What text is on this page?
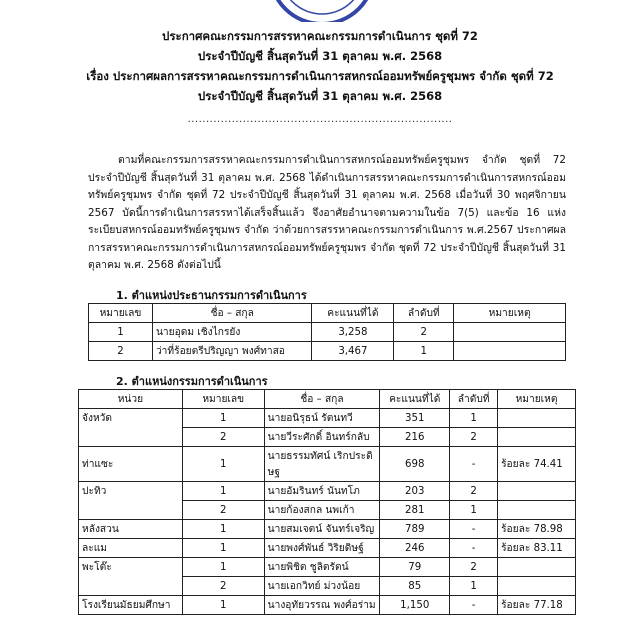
ประกาศคณะกรรมการสรรหาคณะกรรมการดำเนินการ ชุดที่ 72
ประจำปีบัญชี สิ้นสุดวันที่ 31 ตุลาคม พ.ศ. 2568
เรื่อง ประกาศผลการสรรหาคณะกรรมการดำเนินการสหกรณ์ออมทรัพย์ครูชุมพร จำกัด ชุดที่ 72
ประจำปีบัญชี สิ้นสุดวันที่ 31 ตุลาคม พ.ศ. 2568
........................................................................
ตามที่คณะกรรมการสรรหาคณะกรรมการดำเนินการสหกรณ์ออมทรัพย์ครูชุมพร จำกัด ชุดที่ 72 ประจำปีบัญชี สิ้นสุดวันที่ 31 ตุลาคม พ.ศ. 2568 ได้ดำเนินการสรรหาคณะกรรมการดำเนินการสหกรณ์ออมทรัพย์ครูชุมพร จำกัด ชุดที่ 72 ประจำปีบัญชี สิ้นสุดวันที่ 31 ตุลาคม พ.ศ. 2568 เมื่อวันที่ 30 พฤศจิกายน 2567 บัดนี้การดำเนินการสรรหาได้เสร็จสิ้นแล้ว จึงอาศัยอำนาจตามความในข้อ 7(5) และข้อ 16 แห่งระเบียบสหกรณ์ออมทรัพย์ครูชุมพร จำกัด ว่าด้วยการสรรหาคณะกรรมการดำเนินการ พ.ศ.2567 ประกาศผลการสรรหาคณะกรรมการดำเนินการสหกรณ์ออมทรัพย์ครูชุมพร จำกัด ชุดที่ 72 ประจำปีบัญชี สิ้นสุดวันที่ 31 ตุลาคม พ.ศ. 2568 ดังต่อไปนี้
1. ตำแหน่งประธานกรรมการดำเนินการ
หมายเลข	ชื่อ – สกุล	คะแนนที่ได้	ลำดับที่	หมายเหตุ
1	นายอุดม เชิงไกรยัง	3,258	2	
2	ว่าที่ร้อยตรีปริญญา พงศ์ทาสอ	3,467	1	
2. ตำแหน่งกรรมการดำเนินการ
หน่วย	หมายเลข	ชื่อ – สกุล	คะแนนที่ได้	ลำดับที่	หมายเหตุ
จังหวัด	1	นายอนิรุธน์ รัตนทวี	351	1	
	2	นายวีระศักดิ์ อินทร์กลับ	216	2	
ท่าแซะ	1	นายธรรมทัศน์ เริกประดิษฐ	698	-	ร้อยละ 74.41
ปะทิว	1	นายอัมรินทร์ นันทโภ	203	2	
	2	นายก้องสกล นพเก้า	281	1	
หลังสวน	1	นายสมเจตน์ จันทร์เจริญ	789	-	ร้อยละ 78.98
ละแม	1	นายพงศ์พันธ์ วิริยดิษฐ์	246	-	ร้อยละ 83.11
พะโต๊ะ	1	นายพิชิต ชูลิตรัตน์	79	2	
	2	นายเอกวิทย์ ม่วงน้อย	85	1	
โรงเรียนมัธยมศึกษา	1	นางอุทัยวรรณ พงศ์อร่าม	1,150	-	ร้อยละ 77.18
